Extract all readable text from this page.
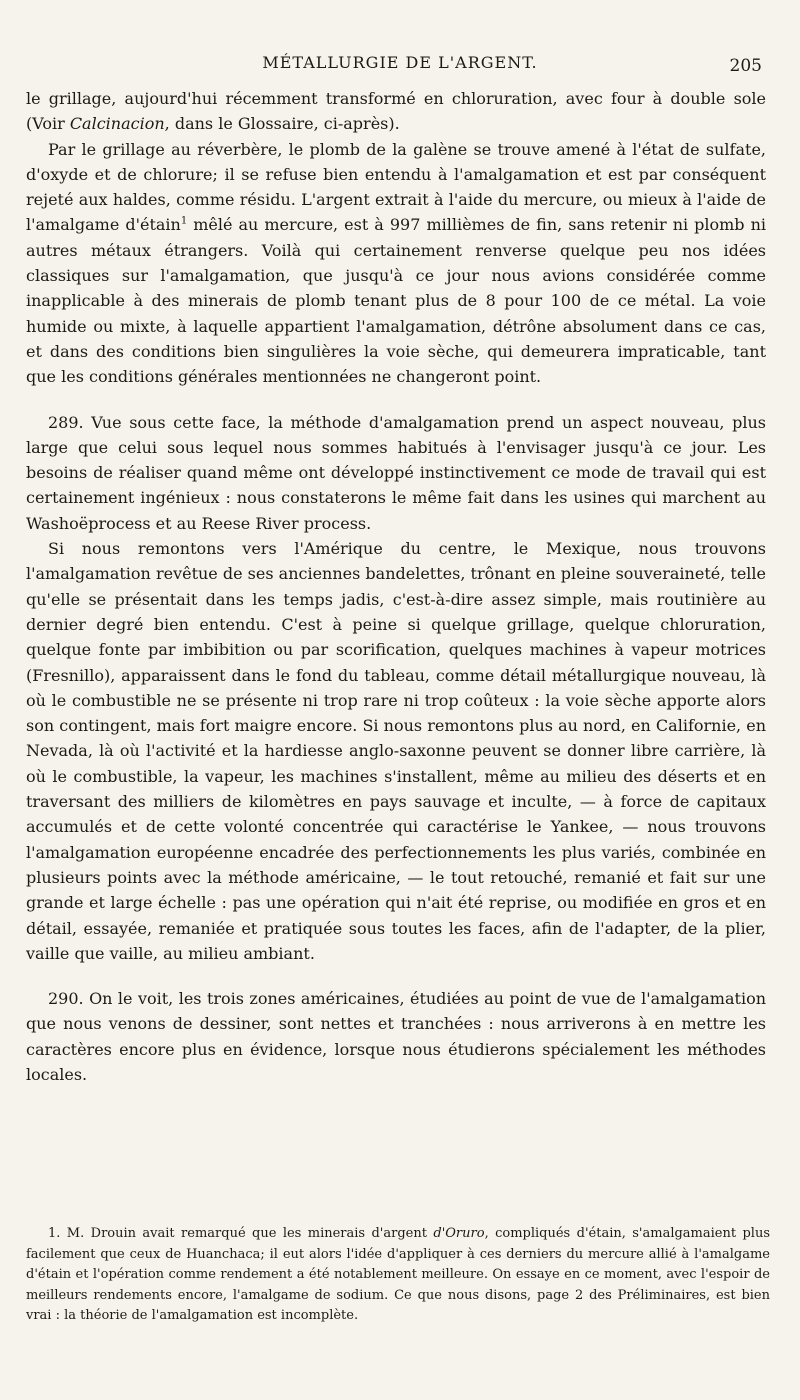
MÉTALLURGIE DE L'ARGENT.	205

le grillage, aujourd'hui récemment transformé en chloruration, avec four à double sole (Voir Calcinacion, dans le Glossaire, ci-après).

Par le grillage au réverbère, le plomb de la galène se trouve amené à l'état de sulfate, d'oxyde et de chlorure; il se refuse bien entendu à l'amalgamation et est par conséquent rejeté aux haldes, comme résidu. L'argent extrait à l'aide du mercure, ou mieux à l'aide de l'amalgame d'étain$^1$ mêlé au mercure, est à 997 millièmes de fin, sans retenir ni plomb ni autres métaux étrangers. Voilà qui certainement renverse quelque peu nos idées classiques sur l'amalgamation, que jusqu'à ce jour nous avions considérée comme inapplicable à des minerais de plomb tenant plus de 8 pour 100 de ce métal. La voie humide ou mixte, à laquelle appartient l'amalgamation, détrône absolument dans ce cas, et dans des conditions bien singulières la voie sèche, qui demeurera impraticable, tant que les conditions générales mentionnées ne changeront point.

289. Vue sous cette face, la méthode d'amalgamation prend un aspect nouveau, plus large que celui sous lequel nous sommes habitués à l'envisager jusqu'à ce jour. Les besoins de réaliser quand même ont développé instinctivement ce mode de travail qui est certainement ingénieux : nous constaterons le même fait dans les usines qui marchent au Washoëprocess et au Reese River process.

Si nous remontons vers l'Amérique du centre, le Mexique, nous trouvons l'amalgamation revêtue de ses anciennes bandelettes, trônant en pleine souveraineté, telle qu'elle se présentait dans les temps jadis, c'est-à-dire assez simple, mais routinière au dernier degré bien entendu. C'est à peine si quelque grillage, quelque chloruration, quelque fonte par imbibition ou par scorification, quelques machines à vapeur motrices (Fresnillo), apparaissent dans le fond du tableau, comme détail métallurgique nouveau, là où le combustible ne se présente ni trop rare ni trop coûteux : la voie sèche apporte alors son contingent, mais fort maigre encore. Si nous remontons plus au nord, en Californie, en Nevada, là où l'activité et la hardiesse anglo-saxonne peuvent se donner libre carrière, là où le combustible, la vapeur, les machines s'installent, même au milieu des déserts et en traversant des milliers de kilomètres en pays sauvage et inculte, — à force de capitaux accumulés et de cette volonté concentrée qui caractérise le Yankee, — nous trouvons l'amalgamation européenne encadrée des perfectionnements les plus variés, combinée en plusieurs points avec la méthode américaine, — le tout retouché, remanié et fait sur une grande et large échelle : pas une opération qui n'ait été reprise, ou modifiée en gros et en détail, essayée, remaniée et pratiquée sous toutes les faces, afin de l'adapter, de la plier, vaille que vaille, au milieu ambiant.

290. On le voit, les trois zones américaines, étudiées au point de vue de l'amalgamation que nous venons de dessiner, sont nettes et tranchées : nous arriverons à en mettre les caractères encore plus en évidence, lorsque nous étudierons spécialement les méthodes locales.

1. M. Drouin avait remarqué que les minerais d'argent d'Oruro, compliqués d'étain, s'amalgamaient plus facilement que ceux de Huanchaca; il eut alors l'idée d'appliquer à ces derniers du mercure allié à l'amalgame d'étain et l'opération comme rendement a été notablement meilleure. On essaye en ce moment, avec l'espoir de meilleurs rendements encore, l'amalgame de sodium. Ce que nous disons, page 2 des Préliminaires, est bien vrai : la théorie de l'amalgamation est incomplète.
